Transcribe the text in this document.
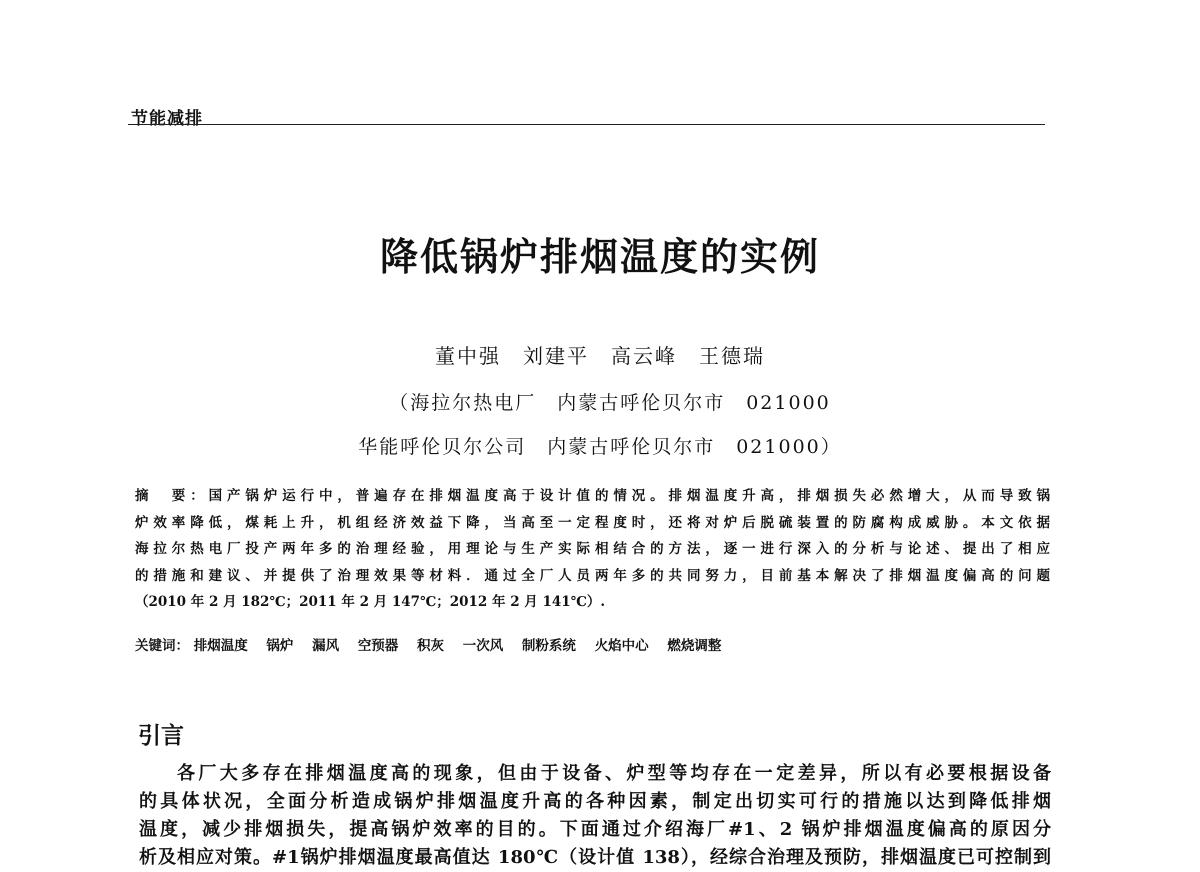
节能减排
降低锅炉排烟温度的实例
董中强　刘建平　高云峰　王德瑞
（海拉尔热电厂　内蒙古呼伦贝尔市　021000
华能呼伦贝尔公司　内蒙古呼伦贝尔市　021000）
摘　要：国产锅炉运行中，普遍存在排烟温度高于设计值的情况。排烟温度升高，排烟损失必然增大，从而导致锅
炉效率降低，煤耗上升，机组经济效益下降，当高至一定程度时，还将对炉后脱硫装置的防腐构成威胁。本文依据
海拉尔热电厂投产两年多的治理经验，用理论与生产实际相结合的方法，逐一进行深入的分析与论述、提出了相应
的措施和建议、并提供了治理效果等材料．通过全厂人员两年多的共同努力，目前基本解决了排烟温度偏高的问题
（2010 年 2 月 182℃；2011 年 2 月 147℃；2012 年 2 月 141℃）.
关键词： 排烟温度 锅炉 漏风 空预器 积灰 一次风 制粉系统 火焰中心 燃烧调整
引言
各厂大多存在排烟温度高的现象，但由于设备、炉型等均存在一定差异，所以有必要根据设备
的具体状况，全面分析造成锅炉排烟温度升高的各种因素，制定出切实可行的措施以达到降低排烟
温度，减少排烟损失，提高锅炉效率的目的。下面通过介绍海厂#1、2 锅炉排烟温度偏高的原因分
析及相应对策。#1锅炉排烟温度最高值达 180℃（设计值 138），经综合治理及预防，排烟温度已可控制到
